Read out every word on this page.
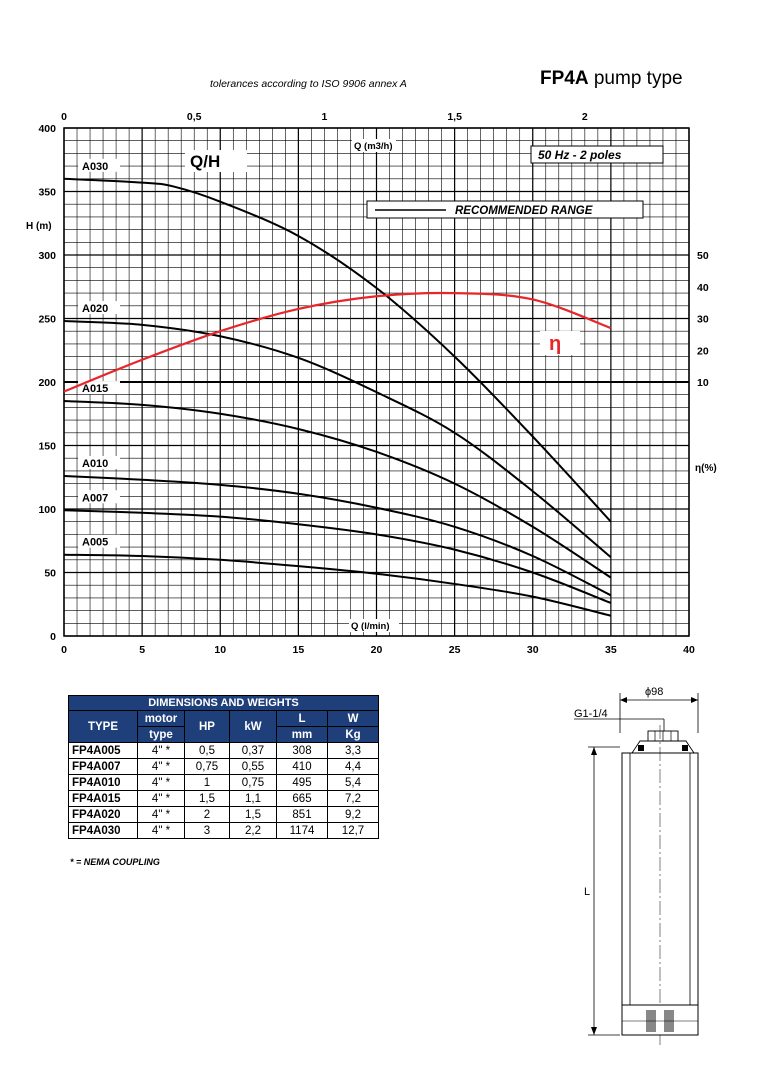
tolerances according to ISO 9906 annex A	FP4A pump type
0	5	10	15	20	25	30	35	40
0	0,5	1	1,5	2
0
50
100
150
200
250
300
350
400
10
20
30
40
50
A030
A020
A015
A010
A007
A005
Q/H	50 Hz - 2 poles
RECOMMENDED RANGE
η
Q (m3/h)
Q (l/min)
H (m)
η(%)
DIMENSIONS AND WEIGHTS					
TYPE	motor	HP	kW	L	W
	type			mm	Kg
FP4A005	4" *	0,5	0,37	308	3,3
FP4A007	4" *	0,75	0,55	410	4,4
FP4A010	4" *	1	0,75	495	5,4
FP4A015	4" *	1,5	1,1	665	7,2
FP4A020	4" *	2	1,5	851	9,2
FP4A030	4" *	3	2,2	1174	12,7
* = NEMA COUPLING
ϕ98
G1-1/4
L
